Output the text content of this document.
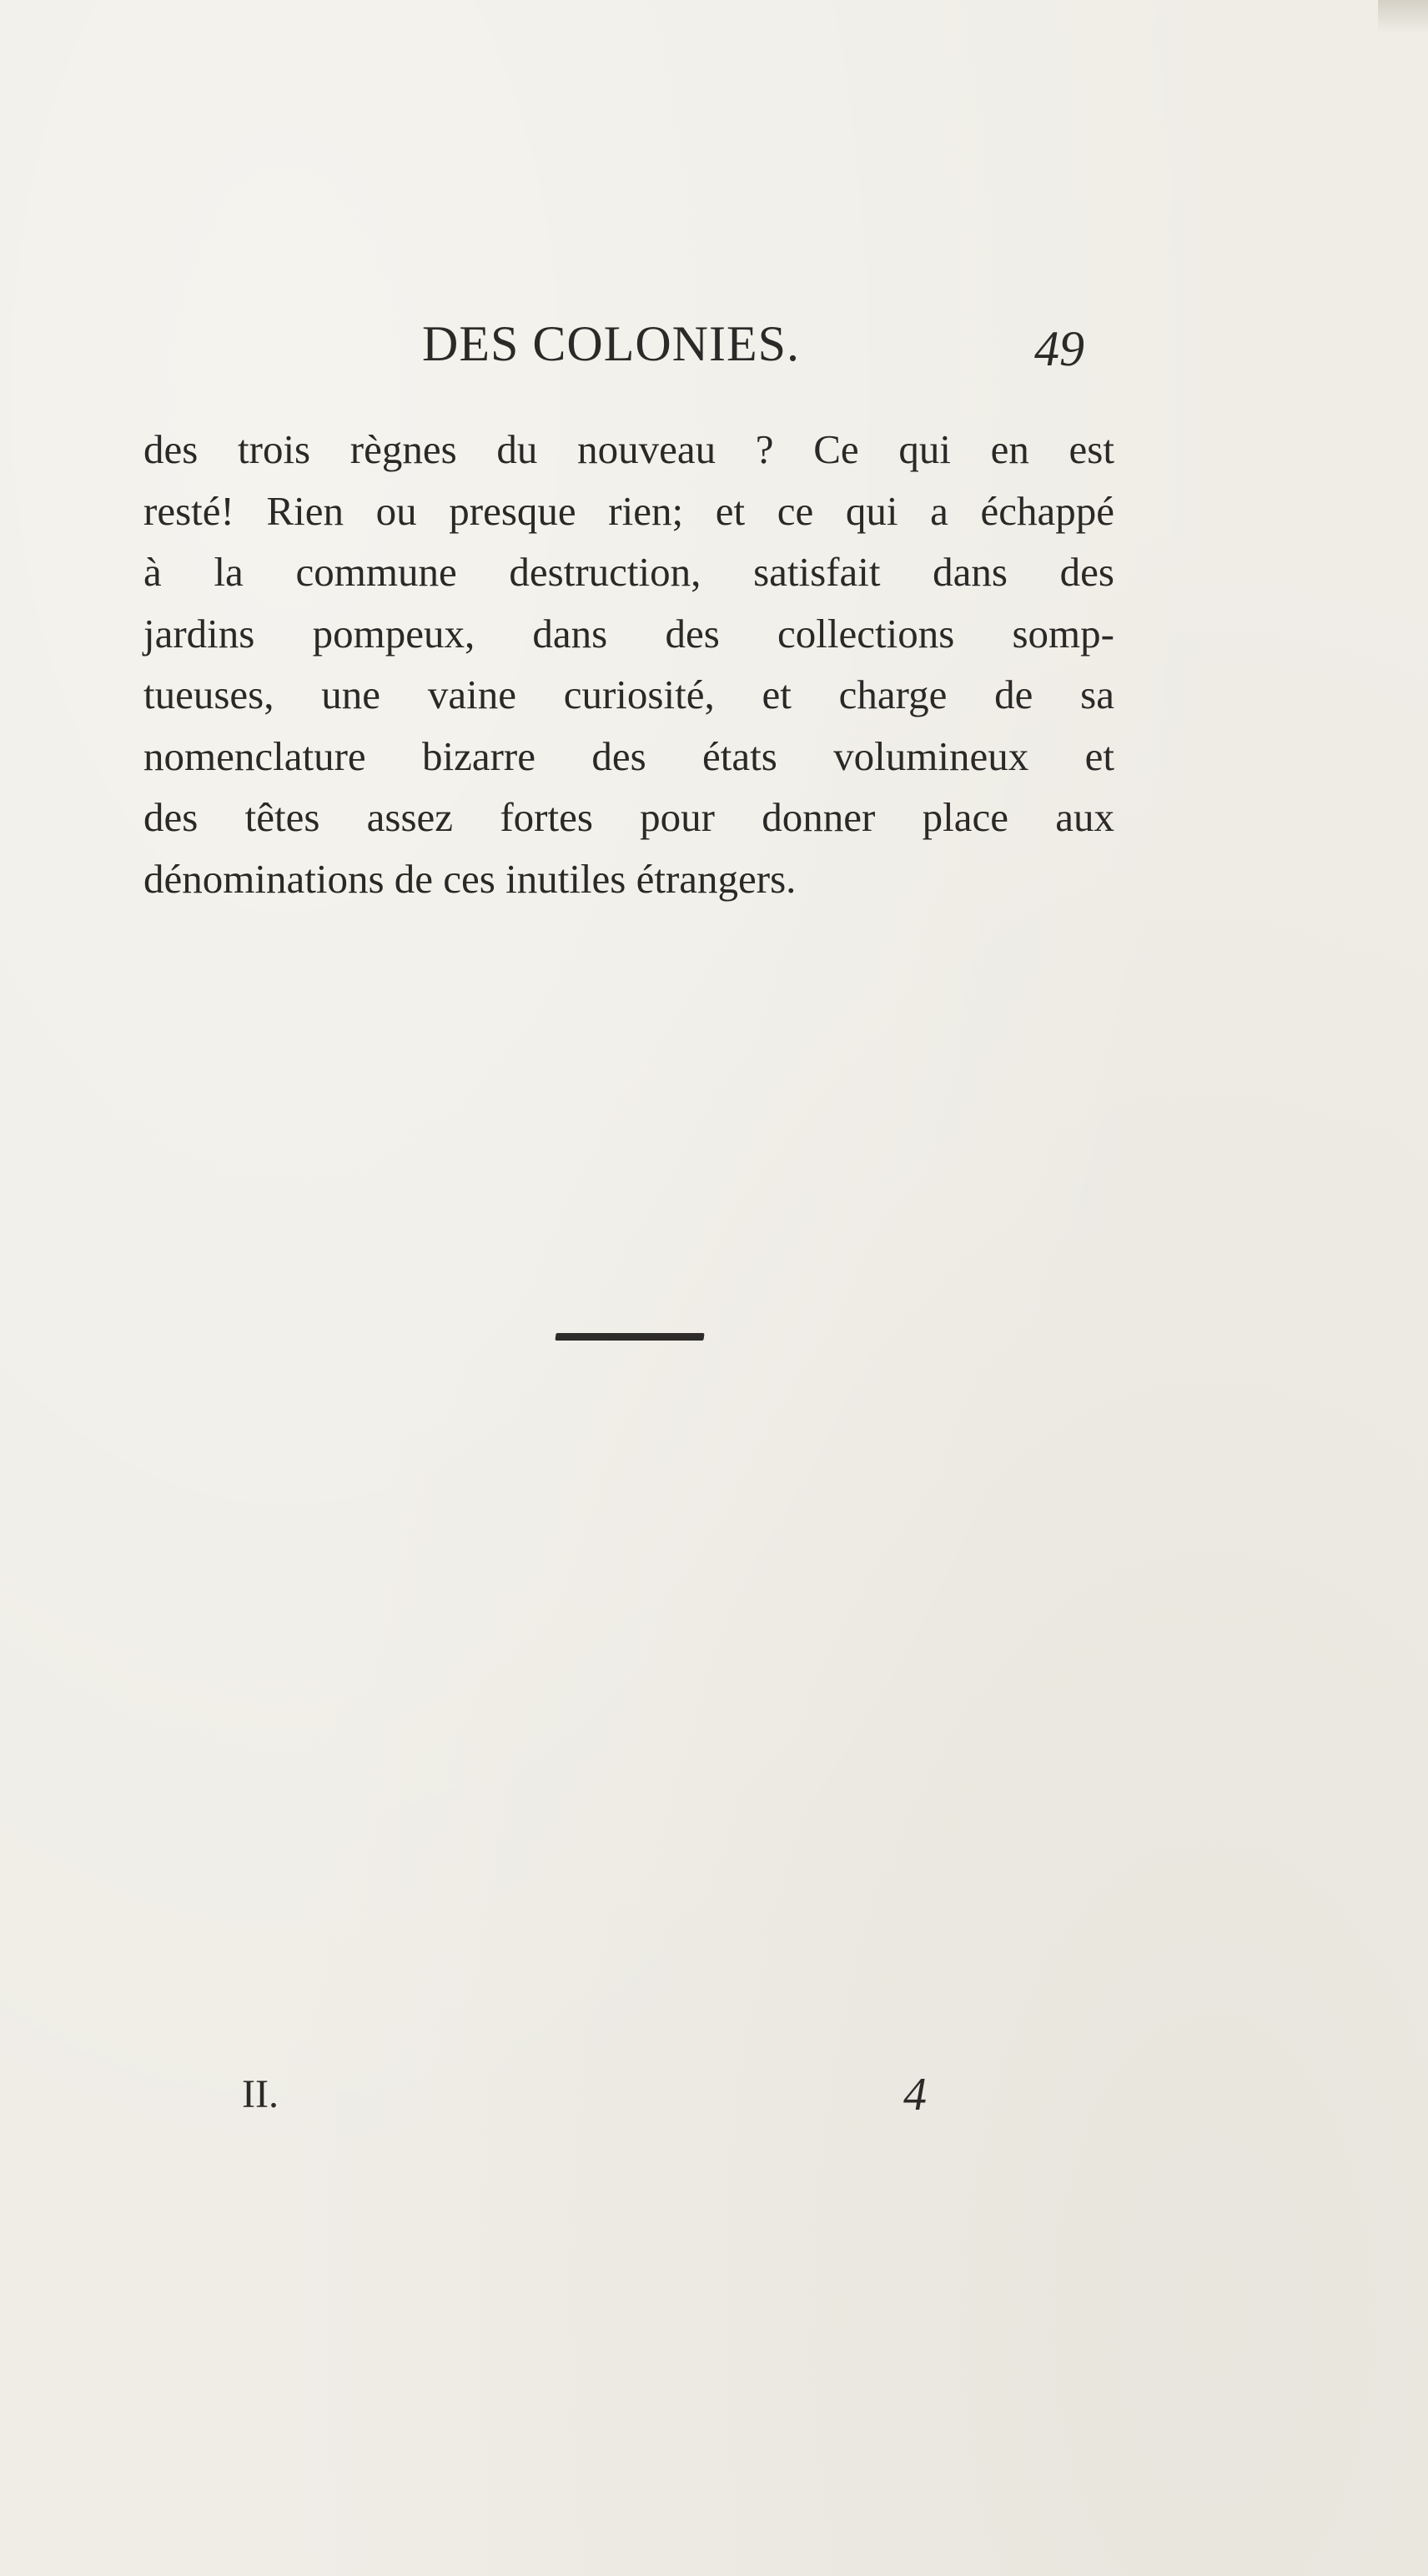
DES COLONIES.	49
des trois règnes du nouveau ? Ce qui en est
resté! Rien ou presque rien; et ce qui a échappé
à la commune destruction, satisfait dans des
jardins pompeux, dans des collections somp-
tueuses, une vaine curiosité, et charge de sa
nomenclature bizarre des états volumineux et
des têtes assez fortes pour donner place aux
dénominations de ces inutiles étrangers.
II.	4
